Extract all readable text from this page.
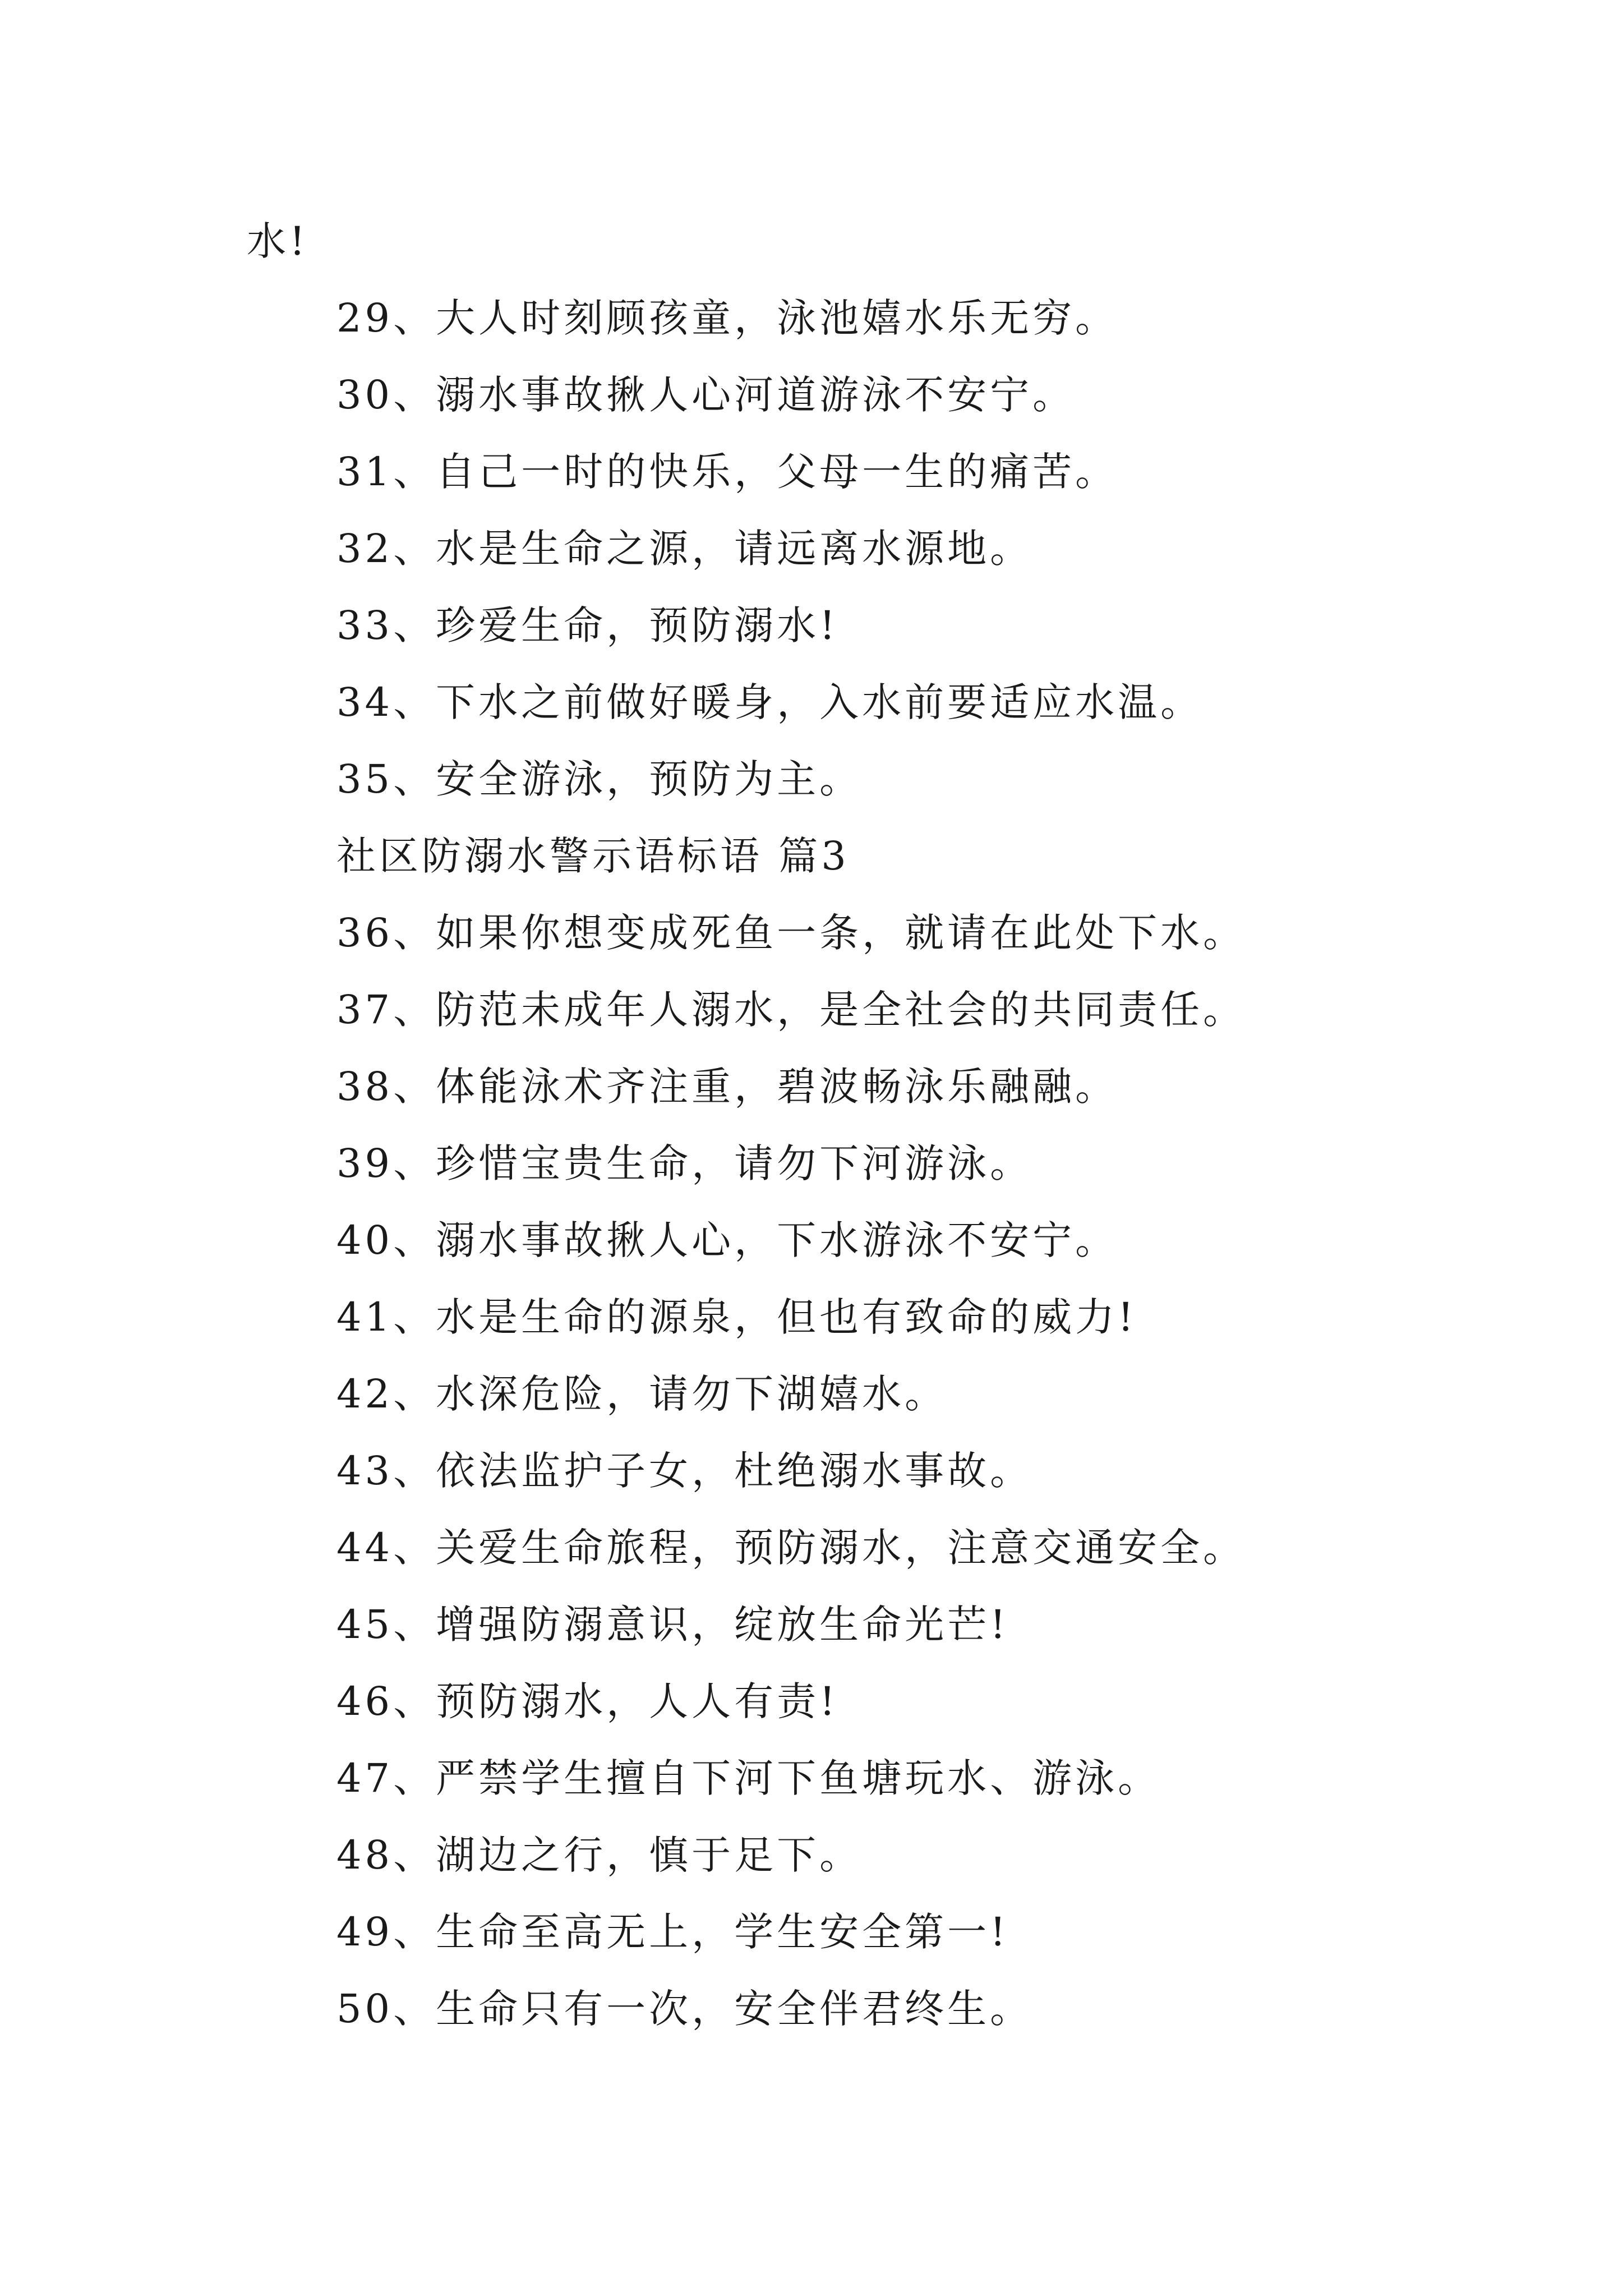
水!
29、大人时刻顾孩童，泳池嬉水乐无穷。
30、溺水事故揪人心河道游泳不安宁。
31、自己一时的快乐，父母一生的痛苦。
32、水是生命之源，请远离水源地。
33、珍爱生命，预防溺水!
34、下水之前做好暖身，入水前要适应水温。
35、安全游泳，预防为主。
社区防溺水警示语标语 篇3
36、如果你想变成死鱼一条，就请在此处下水。
37、防范未成年人溺水，是全社会的共同责任。
38、体能泳术齐注重，碧波畅泳乐融融。
39、珍惜宝贵生命，请勿下河游泳。
40、溺水事故揪人心，下水游泳不安宁。
41、水是生命的源泉，但也有致命的威力!
42、水深危险，请勿下湖嬉水。
43、依法监护子女，杜绝溺水事故。
44、关爱生命旅程，预防溺水，注意交通安全。
45、增强防溺意识，绽放生命光芒!
46、预防溺水，人人有责!
47、严禁学生擅自下河下鱼塘玩水、游泳。
48、湖边之行，慎于足下。
49、生命至高无上，学生安全第一!
50、生命只有一次，安全伴君终生。
